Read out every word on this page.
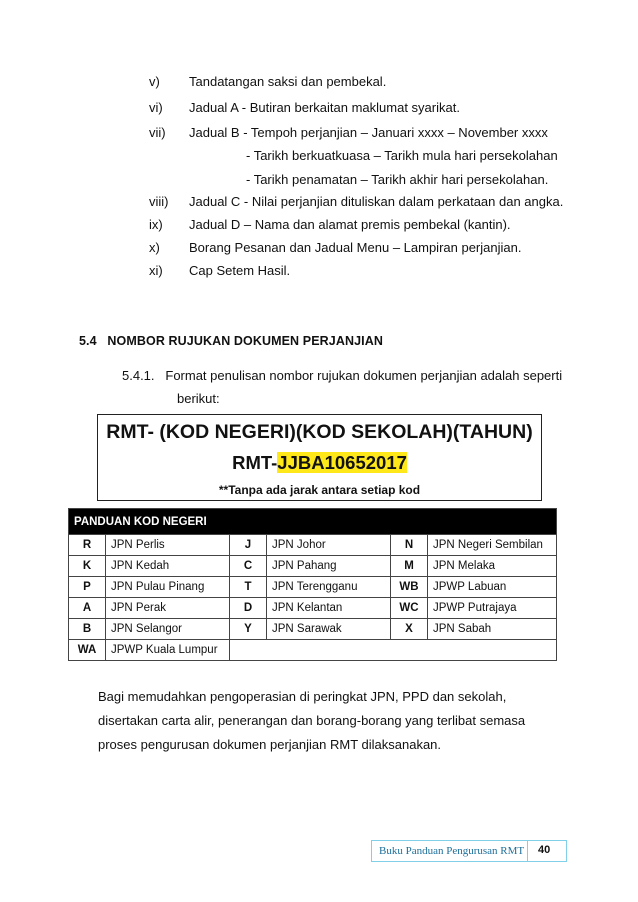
v) Tandatangan saksi dan pembekal.
vi) Jadual A - Butiran berkaitan maklumat syarikat.
vii) Jadual B - Tempoh perjanjian – Januari xxxx – November xxxx
- Tarikh berkuatkuasa – Tarikh mula hari persekolahan
- Tarikh penamatan – Tarikh akhir hari persekolahan.
viii) Jadual C - Nilai perjanjian dituliskan dalam perkataan dan angka.
ix) Jadual D – Nama dan alamat premis pembekal (kantin).
x) Borang Pesanan dan Jadual Menu – Lampiran perjanjian.
xi) Cap Setem Hasil.
5.4 NOMBOR RUJUKAN DOKUMEN PERJANJIAN
5.4.1. Format penulisan nombor rujukan dokumen perjanjian adalah seperti
berikut:
RMT- (KOD NEGERI)(KOD SEKOLAH)(TAHUN)
RMT-JJBA10652017
**Tanpa ada jarak antara setiap kod
PANDUAN KOD NEGERI					
R	JPN Perlis	J	JPN Johor	N	JPN Negeri Sembilan
K	JPN Kedah	C	JPN Pahang	M	JPN Melaka
P	JPN Pulau Pinang	T	JPN Terengganu	WB	JPWP Labuan
A	JPN Perak	D	JPN Kelantan	WC	JPWP Putrajaya
B	JPN Selangor	Y	JPN Sarawak	X	JPN Sabah
WA	JPWP Kuala Lumpur				
Bagi memudahkan pengoperasian di peringkat JPN, PPD dan sekolah,
disertakan carta alir, penerangan dan borang-borang yang terlibat semasa
proses pengurusan dokumen perjanjian RMT dilaksanakan.
Buku Panduan Pengurusan RMT 40
